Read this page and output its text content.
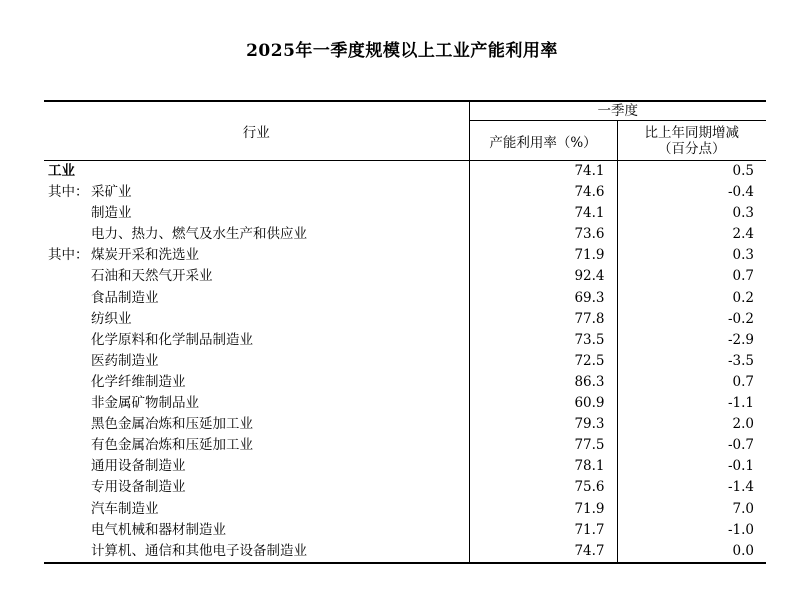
2025年一季度规模以上工业产能利用率
行业	一季度	
	产能利用率（%）	比上年同期增减
（百分点）

工业	74.1	0.5
其中： 采矿业	74.6	-0.4
制造业	74.1	0.3
电力、热力、燃气及水生产和供应业	73.6	2.4
其中： 煤炭开采和洗选业	71.9	0.3
石油和天然气开采业	92.4	0.7
食品制造业	69.3	0.2
纺织业	77.8	-0.2
化学原料和化学制品制造业	73.5	-2.9
医药制造业	72.5	-3.5
化学纤维制造业	86.3	0.7
非金属矿物制品业	60.9	-1.1
黑色金属冶炼和压延加工业	79.3	2.0
有色金属冶炼和压延加工业	77.5	-0.7
通用设备制造业	78.1	-0.1
专用设备制造业	75.6	-1.4
汽车制造业	71.9	7.0
电气机械和器材制造业	71.7	-1.0
计算机、通信和其他电子设备制造业	74.7	0.0
